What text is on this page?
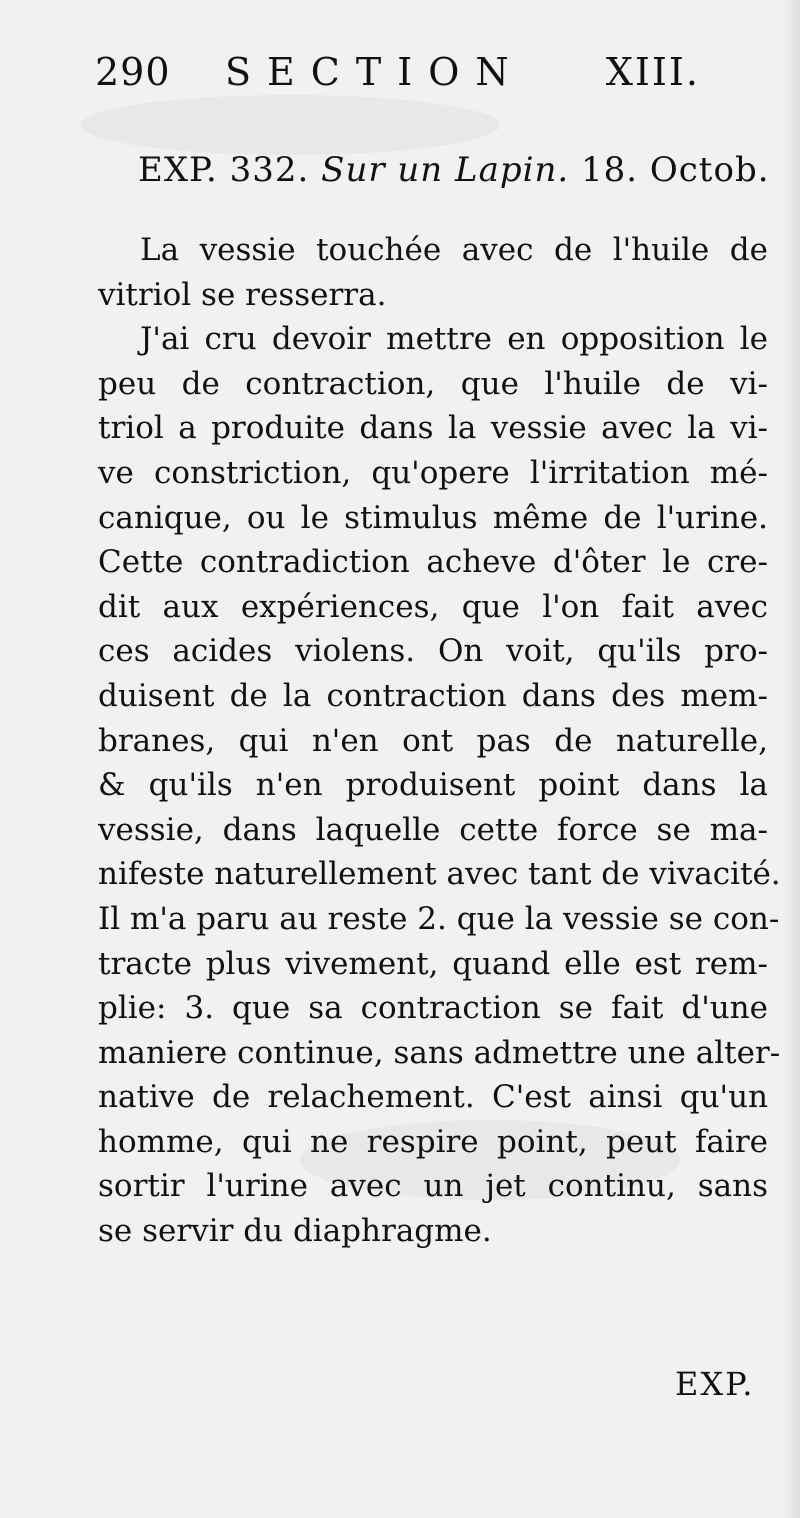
290 SECTION XIII.
EXP. 332. Sur un Lapin. 18. Octob.
La vessie touchée avec de l'huile de
vitriol se resserra.
J'ai cru devoir mettre en opposition le
peu de contraction, que l'huile de vi-
triol a produite dans la vessie avec la vi-
ve constriction, qu'opere l'irritation mé-
canique, ou le stimulus même de l'urine.
Cette contradiction acheve d'ôter le cre-
dit aux expériences, que l'on fait avec
ces acides violens. On voit, qu'ils pro-
duisent de la contraction dans des mem-
branes, qui n'en ont pas de naturelle,
& qu'ils n'en produisent point dans la
vessie, dans laquelle cette force se ma-
nifeste naturellement avec tant de vivacité.
Il m'a paru au reste 2. que la vessie se con-
tracte plus vivement, quand elle est rem-
plie: 3. que sa contraction se fait d'une
maniere continue, sans admettre une alter-
native de relachement. C'est ainsi qu'un
homme, qui ne respire point, peut faire
sortir l'urine avec un jet continu, sans
se servir du diaphragme.
EXP.
